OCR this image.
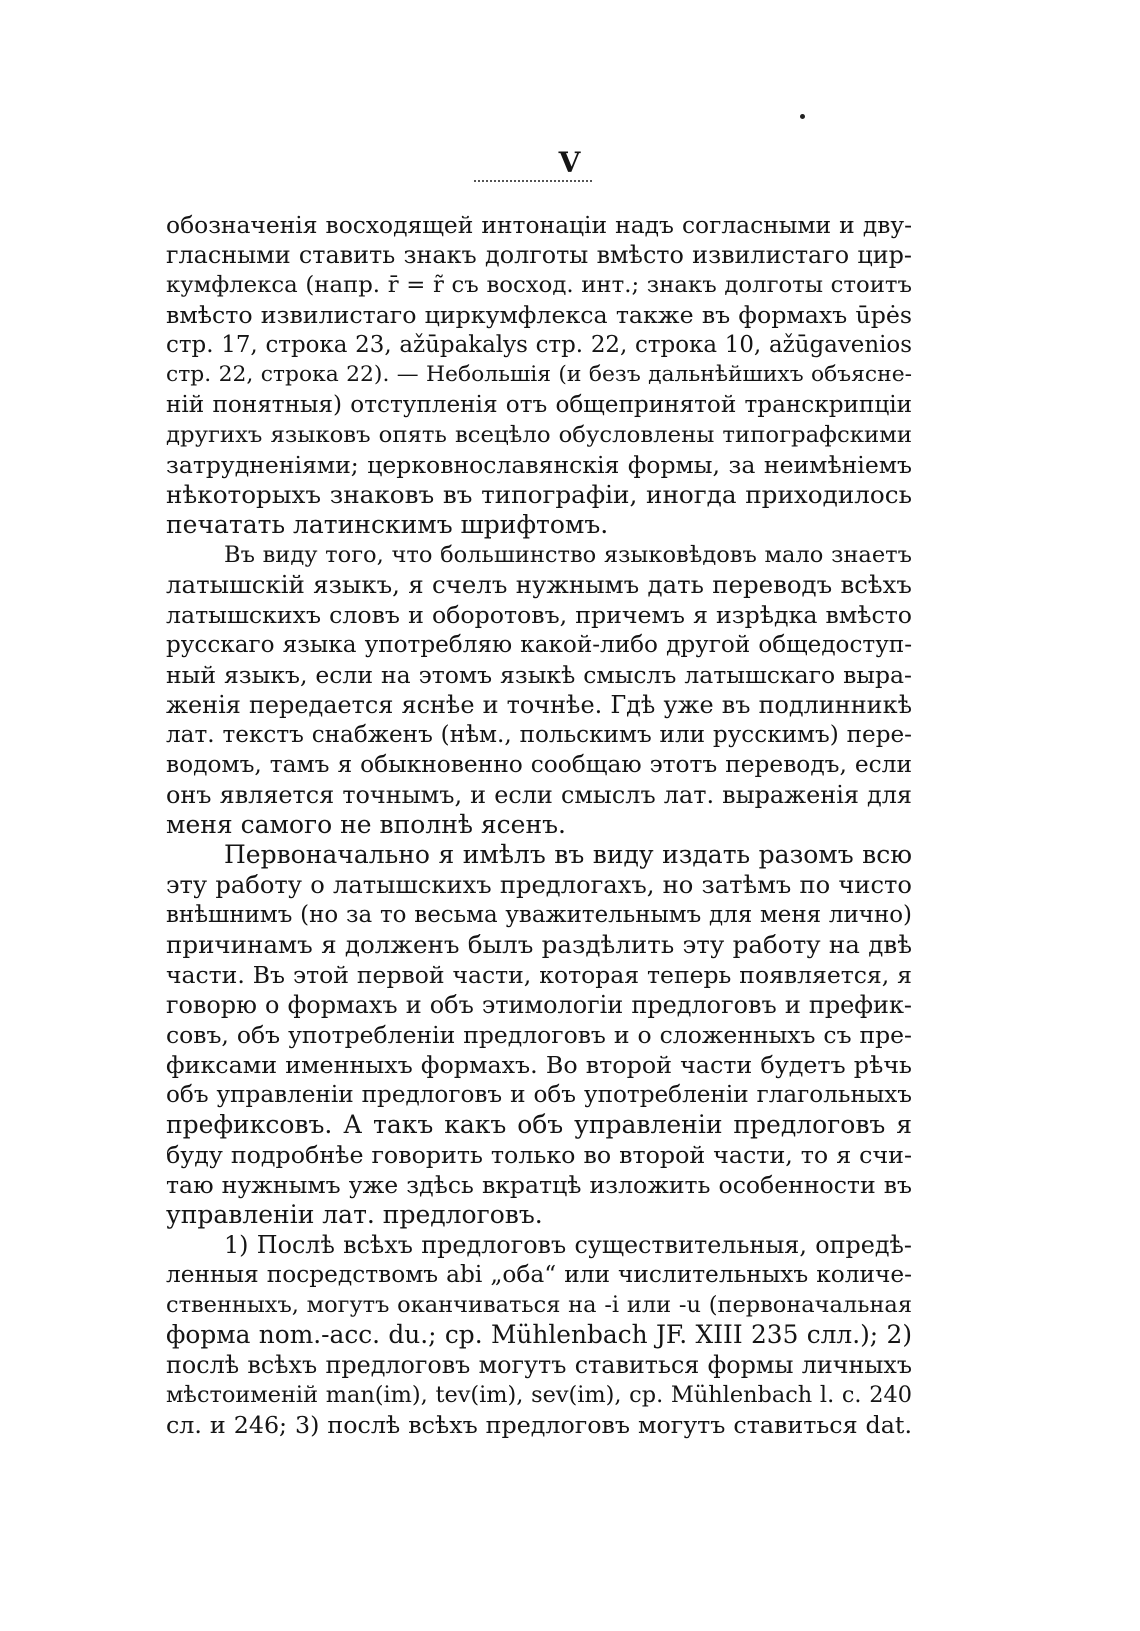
V
обозначенія восходящей интонаціи надъ согласными и дву-
гласными ставить знакъ долготы вмѣсто извилистаго цир-
кумфлекса (напр. r̄ = r̃ съ восход. инт.; знакъ долготы стоитъ
вмѣсто извилистаго циркумфлекса также въ формахъ ūpės
стр. 17, строка 23, ažūpakalys стр. 22, строка 10, ažūgavenios
стр. 22, строка 22). — Небольшія (и безъ дальнѣйшихъ объясне-
ній понятныя) отступленія отъ общепринятой транскрипціи
другихъ языковъ опять всецѣло обусловлены типографскими
затрудненіями; церковнославянскія формы, за неимѣніемъ
нѣкоторыхъ знаковъ въ типографіи, иногда приходилось
печатать латинскимъ шрифтомъ.
Въ виду того, что большинство языковѣдовъ мало знаетъ
латышскій языкъ, я счелъ нужнымъ дать переводъ всѣхъ
латышскихъ словъ и оборотовъ, причемъ я изрѣдка вмѣсто
русскаго языка употребляю какой-либо другой общедоступ-
ный языкъ, если на этомъ языкѣ смыслъ латышскаго выра-
женія передается яснѣе и точнѣе. Гдѣ уже въ подлинникѣ
лат. текстъ снабженъ (нѣм., польскимъ или русскимъ) пере-
водомъ, тамъ я обыкновенно сообщаю этотъ переводъ, если
онъ является точнымъ, и если смыслъ лат. выраженія для
меня самого не вполнѣ ясенъ.
Первоначально я имѣлъ въ виду издать разомъ всю
эту работу о латышскихъ предлогахъ, но затѣмъ по чисто
внѣшнимъ (но за то весьма уважительнымъ для меня лично)
причинамъ я долженъ былъ раздѣлить эту работу на двѣ
части. Въ этой первой части, которая теперь появляется, я
говорю о формахъ и объ этимологіи предлоговъ и префик-
совъ, объ употребленіи предлоговъ и о сложенныхъ съ пре-
фиксами именныхъ формахъ. Во второй части будетъ рѣчь
объ управленіи предлоговъ и объ употребленіи глагольныхъ
префиксовъ. А такъ какъ объ управленіи предлоговъ я
буду подробнѣе говорить только во второй части, то я счи-
таю нужнымъ уже здѣсь вкратцѣ изложить особенности въ
управленіи лат. предлоговъ.
1) Послѣ всѣхъ предлоговъ существительныя, опредѣ-
ленныя посредствомъ abi „оба“ или числительныхъ количе-
ственныхъ, могутъ оканчиваться на -i или -u (первоначальная
форма nom.-acc. du.; ср. Mühlenbach JF. XIII 235 слл.); 2)
послѣ всѣхъ предлоговъ могутъ ставиться формы личныхъ
мѣстоименій man(im), tev(im), sev(im), ср. Mühlenbach l. c. 240
сл. и 246; 3) послѣ всѣхъ предлоговъ могутъ ставиться dat.
